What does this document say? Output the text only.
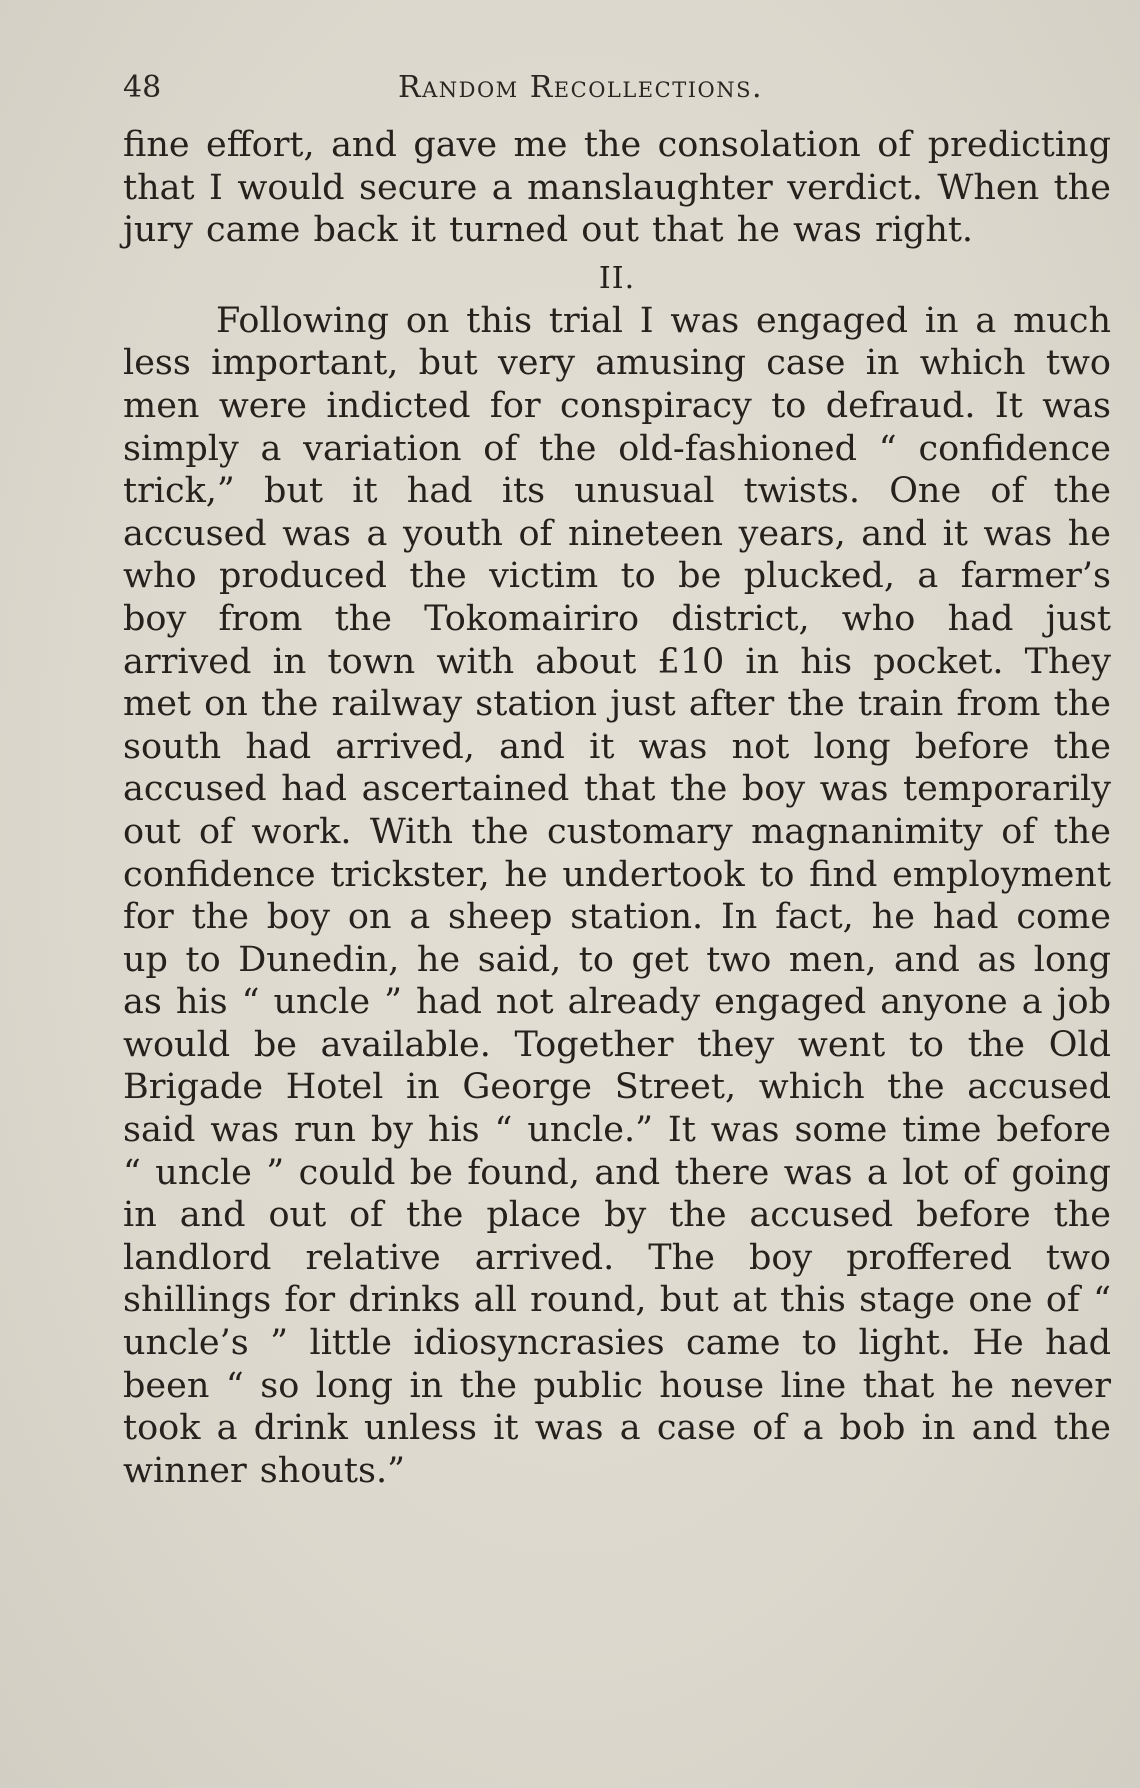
48	Random Recollections.

fine effort, and gave me the consolation of predicting that I would secure a manslaughter verdict. When the jury came back it turned out that he was right.

II.

Following on this trial I was engaged in a much less important, but very amusing case in which two men were indicted for conspiracy to defraud. It was simply a variation of the old-fashioned “ confidence trick,” but it had its unusual twists. One of the accused was a youth of nineteen years, and it was he who produced the victim to be plucked, a farmer’s boy from the Tokomairiro district, who had just arrived in town with about £10 in his pocket. They met on the railway station just after the train from the south had arrived, and it was not long before the accused had ascertained that the boy was temporarily out of work. With the customary magnanimity of the confidence trickster, he undertook to find employment for the boy on a sheep station. In fact, he had come up to Dunedin, he said, to get two men, and as long as his “ uncle ” had not already engaged anyone a job would be available. Together they went to the Old Brigade Hotel in George Street, which the accused said was run by his “ uncle.” It was some time before “ uncle ” could be found, and there was a lot of going in and out of the place by the accused before the landlord relative arrived. The boy proffered two shillings for drinks all round, but at this stage one of “ uncle’s ” little idiosyncrasies came to light. He had been “ so long in the public house line that he never took a drink unless it was a case of a bob in and the winner shouts.”
